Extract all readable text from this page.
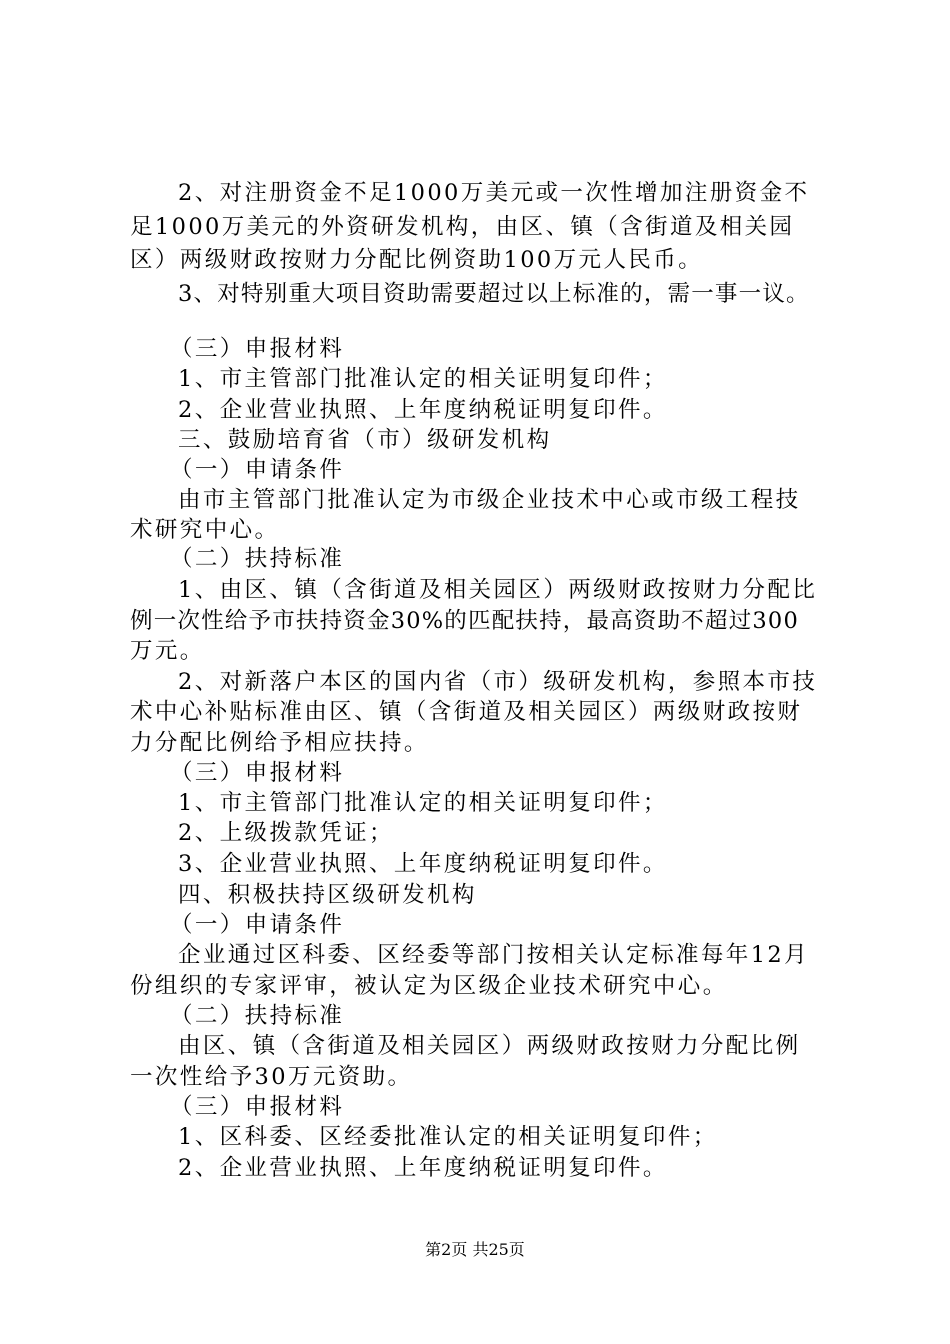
2、对注册资金不足1000万美元或一次性增加注册资金不
足1000万美元的外资研发机构，由区、镇（含街道及相关园
区）两级财政按财力分配比例资助100万元人民币。
3、对特别重大项目资助需要超过以上标准的，需一事一议。
（三）申报材料
1、市主管部门批准认定的相关证明复印件；
2、企业营业执照、上年度纳税证明复印件。
三、鼓励培育省（市）级研发机构
（一）申请条件
由市主管部门批准认定为市级企业技术中心或市级工程技
术研究中心。
（二）扶持标准
1、由区、镇（含街道及相关园区）两级财政按财力分配比
例一次性给予市扶持资金30%的匹配扶持，最高资助不超过300
万元。
2、对新落户本区的国内省（市）级研发机构，参照本市技
术中心补贴标准由区、镇（含街道及相关园区）两级财政按财
力分配比例给予相应扶持。
（三）申报材料
1、市主管部门批准认定的相关证明复印件；
2、上级拨款凭证；
3、企业营业执照、上年度纳税证明复印件。
四、积极扶持区级研发机构
（一）申请条件
企业通过区科委、区经委等部门按相关认定标准每年12月
份组织的专家评审，被认定为区级企业技术研究中心。
（二）扶持标准
由区、镇（含街道及相关园区）两级财政按财力分配比例
一次性给予30万元资助。
（三）申报材料
1、区科委、区经委批准认定的相关证明复印件；
2、企业营业执照、上年度纳税证明复印件。
第2页 共25页
